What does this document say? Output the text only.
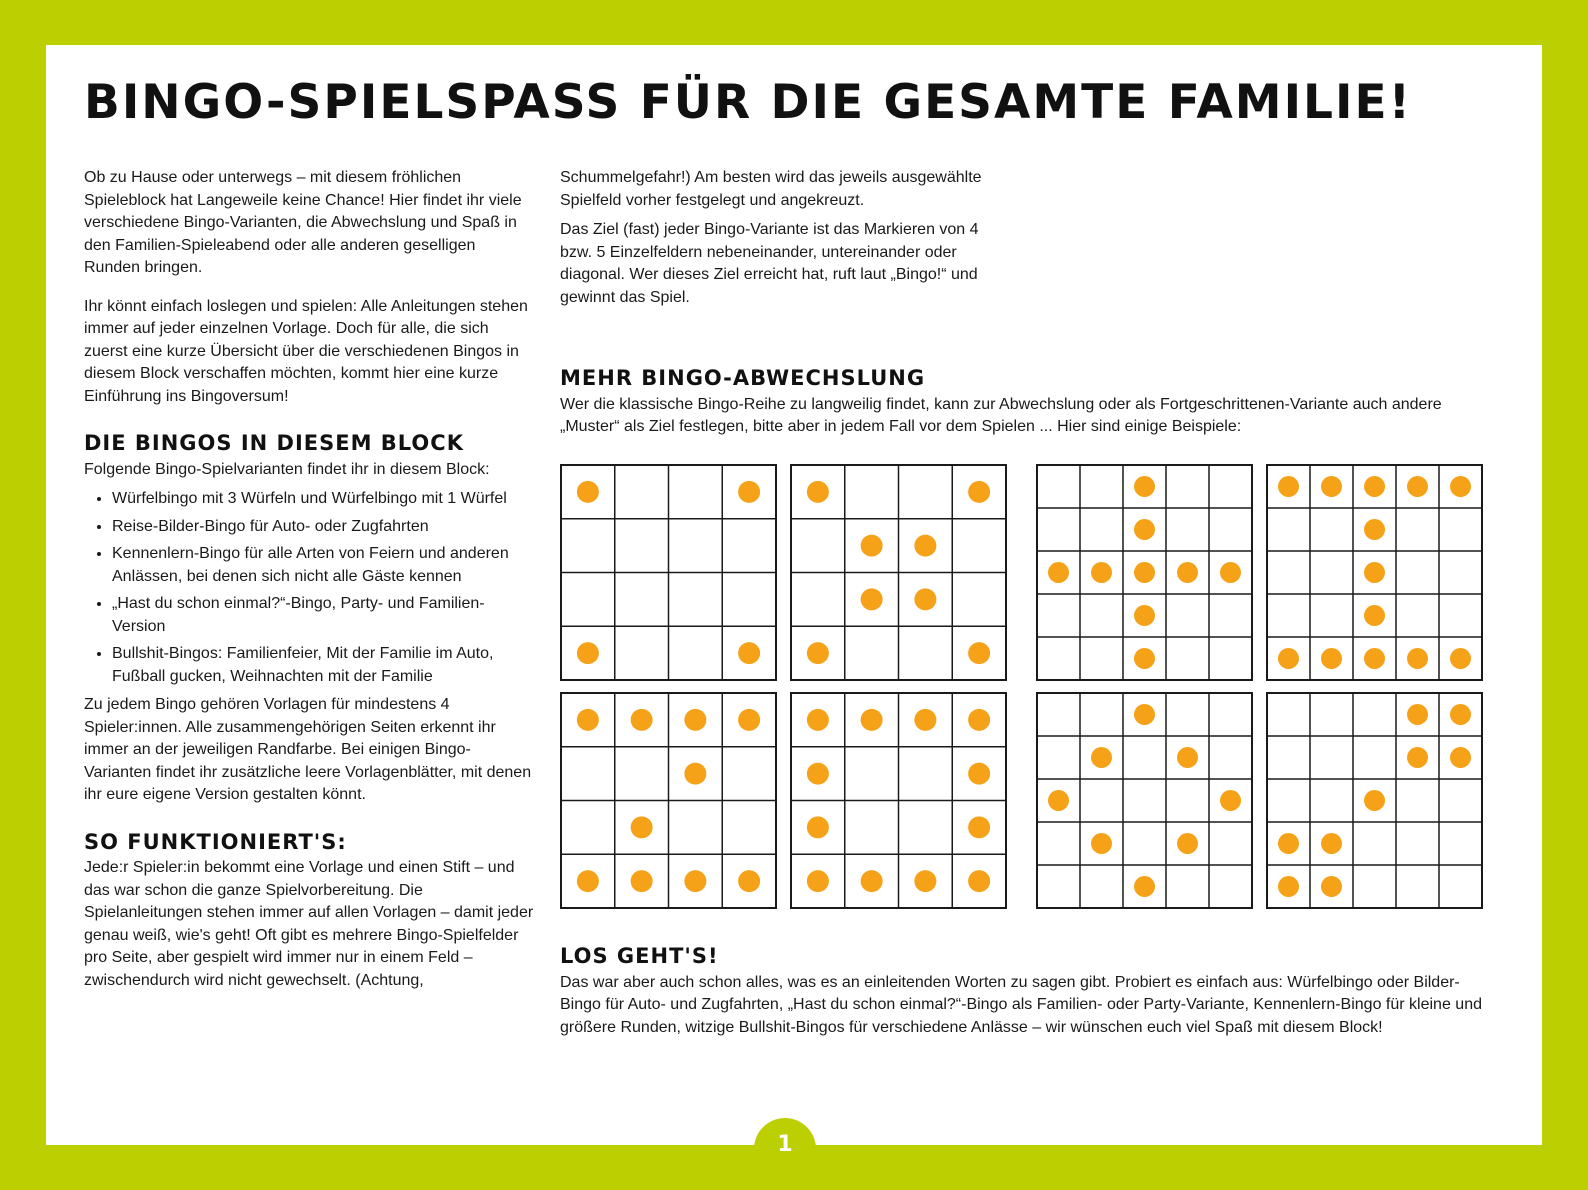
BINGO-SPIELSPASS FÜR DIE GESAMTE FAMILIE!

Ob zu Hause oder unterwegs – mit diesem fröhlichen Spieleblock hat Langeweile keine Chance! Hier findet ihr viele verschiedene Bingo-Varianten, die Abwechslung und Spaß in den Familien-Spieleabend oder alle anderen geselligen Runden bringen.

Ihr könnt einfach loslegen und spielen: Alle Anleitungen stehen immer auf jeder einzelnen Vorlage. Doch für alle, die sich zuerst eine kurze Übersicht über die verschiedenen Bingos in diesem Block verschaffen möchten, kommt hier eine kurze Einführung ins Bingoversum!

DIE BINGOS IN DIESEM BLOCK

Folgende Bingo-Spielvarianten findet ihr in diesem Block:

• Würfelbingo mit 3 Würfeln und Würfelbingo mit 1 Würfel
• Reise-Bilder-Bingo für Auto- oder Zugfahrten
• Kennenlern-Bingo für alle Arten von Feiern und anderen Anlässen, bei denen sich nicht alle Gäste kennen
• „Hast du schon einmal?“-Bingo, Party- und Familien-Version
• Bullshit-Bingos: Familienfeier, Mit der Familie im Auto, Fußball gucken, Weihnachten mit der Familie

Zu jedem Bingo gehören Vorlagen für mindestens 4 Spieler:innen. Alle zusammengehörigen Seiten erkennt ihr immer an der jeweiligen Randfarbe. Bei einigen Bingo-Varianten findet ihr zusätzliche leere Vorlagenblätter, mit denen ihr eure eigene Version gestalten könnt.

SO FUNKTIONIERT'S:

Jede:r Spieler:in bekommt eine Vorlage und einen Stift – und das war schon die ganze Spielvorbereitung. Die Spielanleitungen stehen immer auf allen Vorlagen – damit jeder genau weiß, wie's geht! Oft gibt es mehrere Bingo-Spielfelder pro Seite, aber gespielt wird immer nur in einem Feld – zwischendurch wird nicht gewechselt. (Achtung,

Schummelgefahr!) Am besten wird das jeweils ausgewählte Spielfeld vorher festgelegt und angekreuzt.

Das Ziel (fast) jeder Bingo-Variante ist das Markieren von 4 bzw. 5 Einzelfeldern nebeneinander, untereinander oder diagonal. Wer dieses Ziel erreicht hat, ruft laut „Bingo!“ und gewinnt das Spiel.

MEHR BINGO-ABWECHSLUNG

Wer die klassische Bingo-Reihe zu langweilig findet, kann zur Abwechslung oder als Fortgeschrittenen-Variante auch andere „Muster“ als Ziel festlegen, bitte aber in jedem Fall vor dem Spielen ... Hier sind einige Beispiele:

LOS GEHT'S!

Das war aber auch schon alles, was es an einleitenden Worten zu sagen gibt. Probiert es einfach aus: Würfelbingo oder Bilder-Bingo für Auto- und Zugfahrten, „Hast du schon einmal?“-Bingo als Familien- oder Party-Variante, Kennenlern-Bingo für kleine und größere Runden, witzige Bullshit-Bingos für verschiedene Anlässe – wir wünschen euch viel Spaß mit diesem Block!

1
